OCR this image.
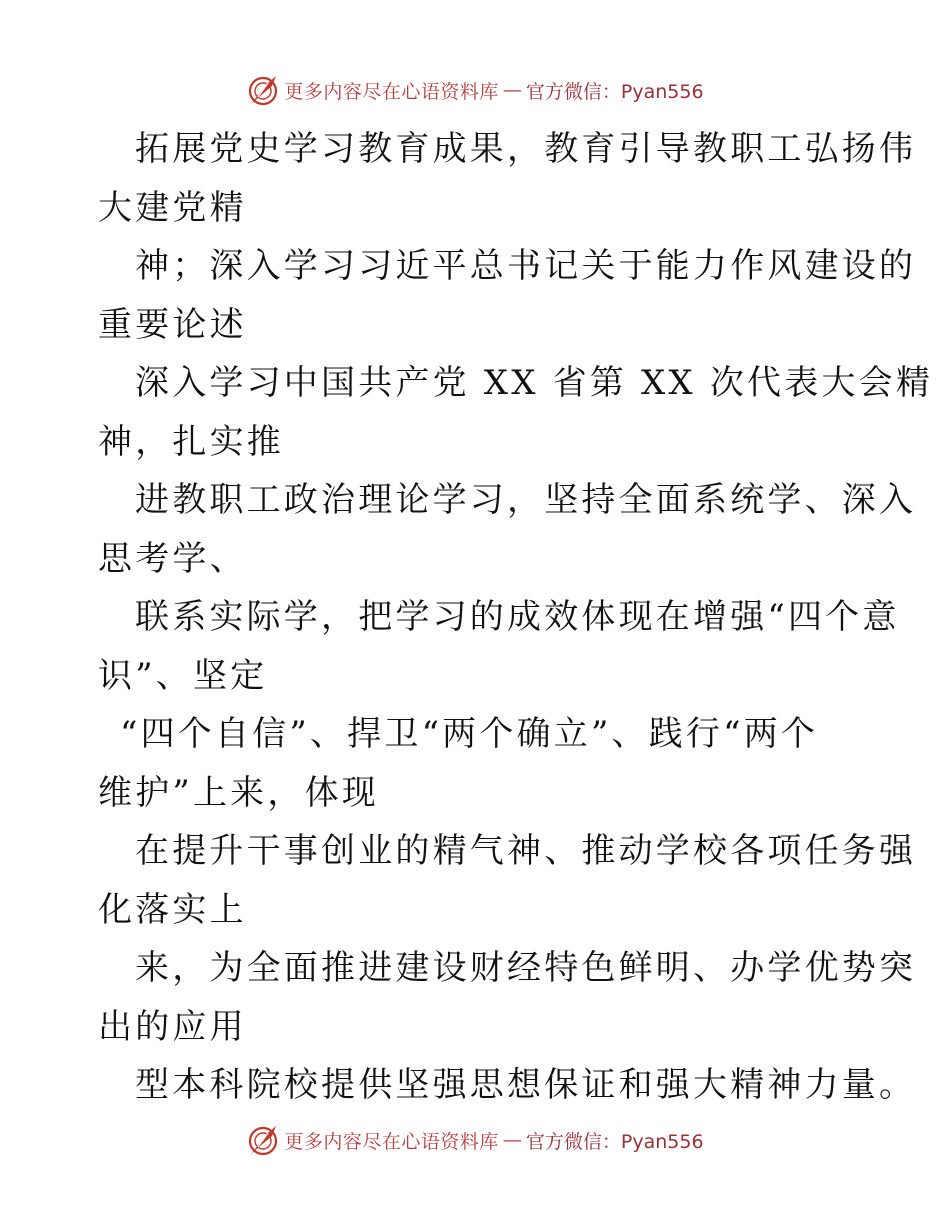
更多内容尽在心语资料库 — 官方微信：Pyan556
拓展党史学习教育成果，教育引导教职工弘扬伟
大建党精
神；深入学习习近平总书记关于能力作风建设的
重要论述
深入学习中国共产党 XX 省第 XX 次代表大会精
神，扎实推
进教职工政治理论学习，坚持全面系统学、深入
思考学、
联系实际学，把学习的成效体现在增强“四个意
识”、坚定
“四个自信”、捍卫“两个确立”、践行“两个
维护”上来，体现
在提升干事创业的精气神、推动学校各项任务强
化落实上
来，为全面推进建设财经特色鲜明、办学优势突
出的应用
型本科院校提供坚强思想保证和强大精神力量。
更多内容尽在心语资料库 — 官方微信：Pyan556
